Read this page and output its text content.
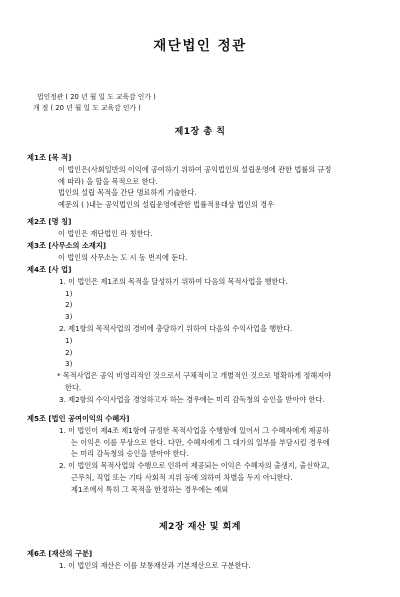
재단법인 정관

법인정관 ( 20 년 월 일 도 교육감 인가 )

개 정 ( 20 년 월 일 도 교육감 인가 )

제1장 총 칙

제1조 [목 적]

이 법인은(사회일반의 이익에 공여하기 위하여 공익법인의 설립운영에 관한 법률의 규정

에 따라) 을 할을 목적으로 한다.

법인의 설립 목적을 간단 명료하게 기술한다.

예문의 ( )내는 공익법인의 설립운영에관한 법률적용대상 법인의 경우

제2조 [명 칭]

이 법인은 재단법인 라 칭한다.

제3조 [사무소의 소재지]

이 법인의 사무소는 도 시 동 번지에 둔다.

제4조 [사 업]

1. 이 법인은 제1조의 목적을 달성하기 위하여 다음의 목적사업을 행한다.

1)

2)

3)

2. 제1항의 목적사업의 경비에 충당하기 위하여 다음의 수익사업을 행한다.

1)

2)

3)

* 목적사업은 공익 비영리적인 것으로서 구체적이고 개별적인 것으로 명확하게 정해져야

한다.

3. 제2항의 수익사업을 경영하고자 하는 경우에는 미리 감독청의 승인을 받아야 한다.

제5조 [법인 공여이익의 수혜자]

1. 이 법인이 제4조 제1항에 규정한 목적사업을 수행함에 있어서 그 수혜자에게 제공하

는 이익은 이를 무상으로 한다. 다만, 수혜자에게 그 대가의 일부를 부담시킬 경우에

는 미리 감독청의 승인을 받아야 한다.

2. 이 법인의 목적사업의 수행으로 인하여 제공되는 이익은 수혜자의 출생지, 출신학교,

근무처, 직업 또는 기타 사회적 지위 등에 의하여 차별을 두지 아니한다.

제1조에서 특히 그 목적을 한정하는 경우에는 예외

제2장 재산 및 회계

제6조 [재산의 구분]

1. 이 법인의 재산은 이를 보통재산과 기본재산으로 구분한다.
